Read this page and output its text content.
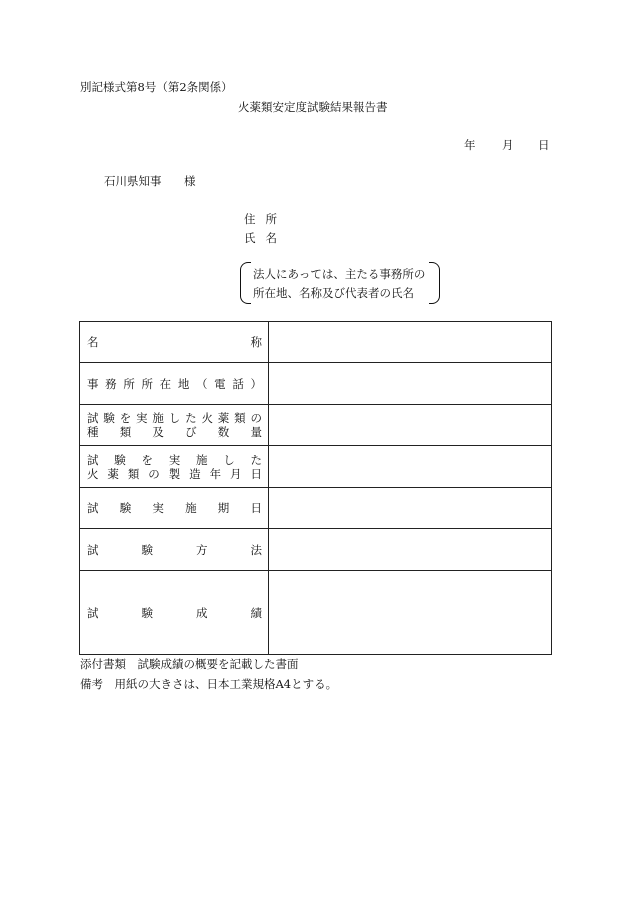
別記様式第8号（第2条関係）
火薬類安定度試験結果報告書
年 月 日
石川県知事 様
住所
氏名
法人にあっては、主たる事務所の
所在地、名称及び代表者の氏名
名称	

事務所所在地（電話）	

試験を実施した火薬類の
種類及び数量	

試験を実施した
火薬類の製造年月日	

試験実施期日	

試験方法	

試験成績	

添付書類　試験成績の概要を記載した書面
備考　用紙の大きさは、日本工業規格A4とする。
